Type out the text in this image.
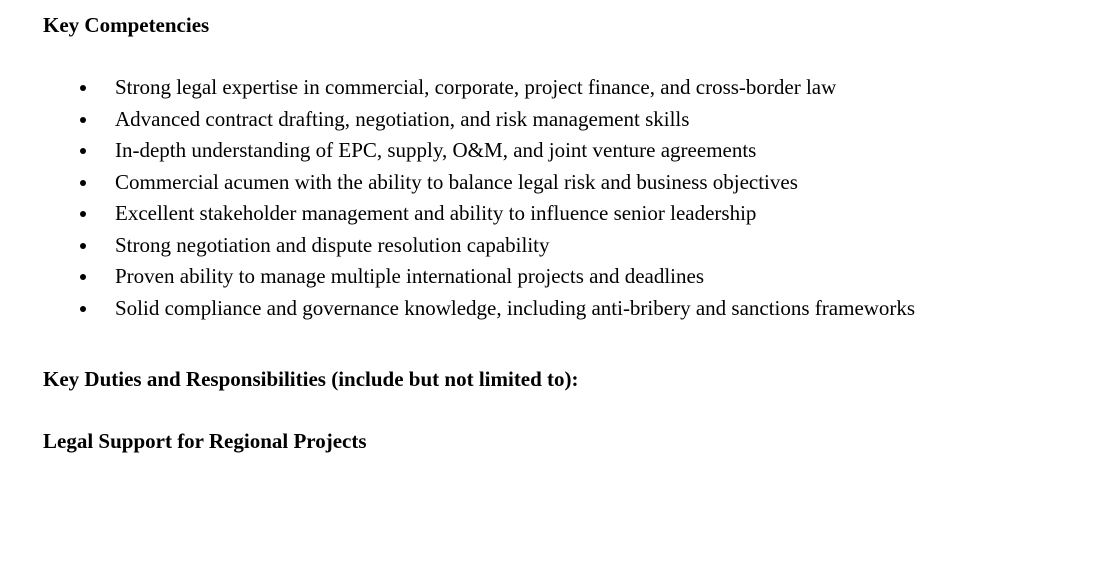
Key Competencies
Strong legal expertise in commercial, corporate, project finance, and cross-border law
Advanced contract drafting, negotiation, and risk management skills
In-depth understanding of EPC, supply, O&M, and joint venture agreements
Commercial acumen with the ability to balance legal risk and business objectives
Excellent stakeholder management and ability to influence senior leadership
Strong negotiation and dispute resolution capability
Proven ability to manage multiple international projects and deadlines
Solid compliance and governance knowledge, including anti-bribery and sanctions frameworks
Key Duties and Responsibilities (include but not limited to):
Legal Support for Regional Projects
